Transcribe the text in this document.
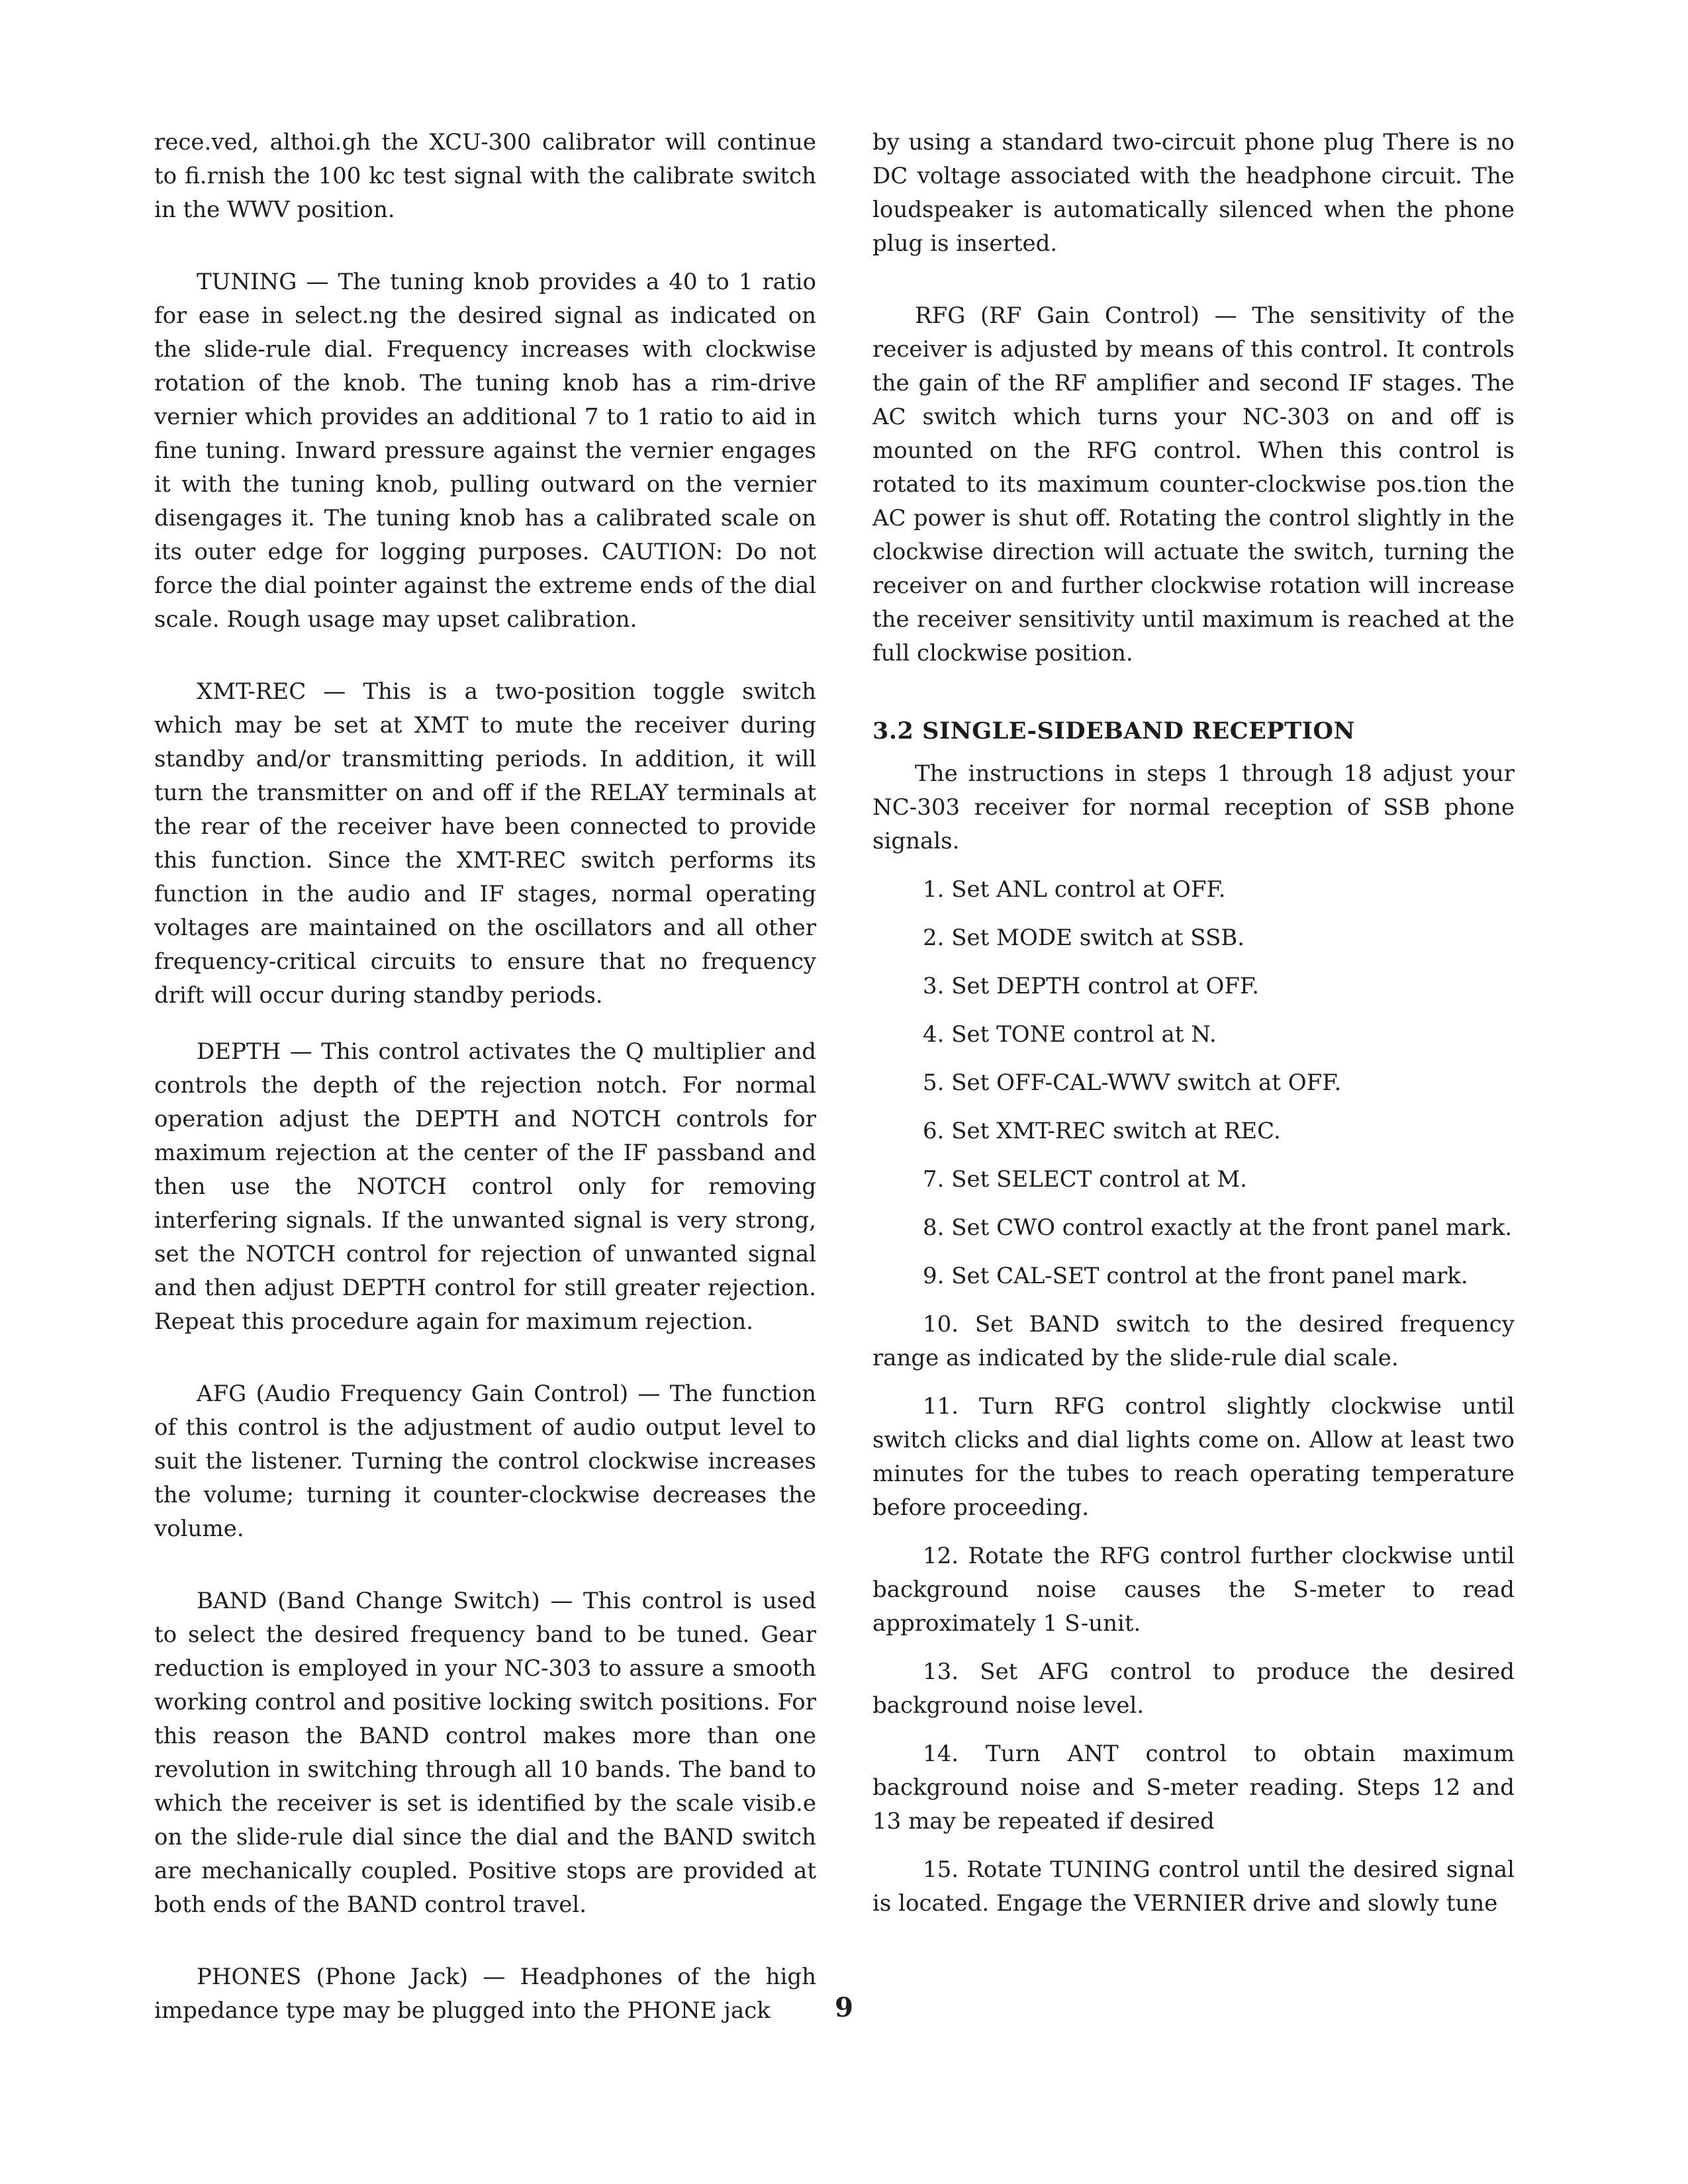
rece.ved, althoi.gh the XCU-300 calibrator will continue to fi.rnish the 100 kc test signal with the calibrate switch in the WWV position.

TUNING — The tuning knob provides a 40 to 1 ratio for ease in select.ng the desired signal as indicated on the slide-rule dial. Frequency increases with clockwise rotation of the knob. The tuning knob has a rim-drive vernier which provides an additional 7 to 1 ratio to aid in fine tuning. Inward pressure against the vernier engages it with the tuning knob, pulling outward on the vernier disengages it. The tuning knob has a calibrated scale on its outer edge for logging purposes. CAUTION: Do not force the dial pointer against the extreme ends of the dial scale. Rough usage may upset calibration.

XMT-REC — This is a two-position toggle switch which may be set at XMT to mute the receiver during standby and/or transmitting periods. In addition, it will turn the transmitter on and off if the RELAY terminals at the rear of the receiver have been connected to provide this function. Since the XMT-REC switch performs its function in the audio and IF stages, normal operating voltages are maintained on the oscillators and all other frequency-critical circuits to ensure that no frequency drift will occur during standby periods.

DEPTH — This control activates the Q multiplier and controls the depth of the rejection notch. For normal operation adjust the DEPTH and NOTCH controls for maximum rejection at the center of the IF passband and then use the NOTCH control only for removing interfering signals. If the unwanted signal is very strong, set the NOTCH control for rejection of unwanted signal and then adjust DEPTH control for still greater rejection. Repeat this procedure again for maximum rejection.

AFG (Audio Frequency Gain Control) — The function of this control is the adjustment of audio output level to suit the listener. Turning the control clockwise increases the volume; turning it counter-clockwise decreases the volume.

BAND (Band Change Switch) — This control is used to select the desired frequency band to be tuned. Gear reduction is employed in your NC-303 to assure a smooth working control and positive locking switch positions. For this reason the BAND control makes more than one revolution in switching through all 10 bands. The band to which the receiver is set is identified by the scale visib.e on the slide-rule dial since the dial and the BAND switch are mechanically coupled. Positive stops are provided at both ends of the BAND control travel.

PHONES (Phone Jack) — Headphones of the high impedance type may be plugged into the PHONE jack

by using a standard two-circuit phone plug There is no DC voltage associated with the headphone circuit. The loudspeaker is automatically silenced when the phone plug is inserted.

RFG (RF Gain Control) — The sensitivity of the receiver is adjusted by means of this control. It controls the gain of the RF amplifier and second IF stages. The AC switch which turns your NC-303 on and off is mounted on the RFG control. When this control is rotated to its maximum counter-clockwise pos.tion the AC power is shut off. Rotating the control slightly in the clockwise direction will actuate the switch, turning the receiver on and further clockwise rotation will increase the receiver sensitivity until maximum is reached at the full clockwise position.

3.2 SINGLE-SIDEBAND RECEPTION

The instructions in steps 1 through 18 adjust your NC-303 receiver for normal reception of SSB phone signals.

1. Set ANL control at OFF.

2. Set MODE switch at SSB.

3. Set DEPTH control at OFF.

4. Set TONE control at N.

5. Set OFF-CAL-WWV switch at OFF.

6. Set XMT-REC switch at REC.

7. Set SELECT control at M.

8. Set CWO control exactly at the front panel mark.

9. Set CAL-SET control at the front panel mark.

10. Set BAND switch to the desired frequency range as indicated by the slide-rule dial scale.

11. Turn RFG control slightly clockwise until switch clicks and dial lights come on. Allow at least two minutes for the tubes to reach operating temperature before proceeding.

12. Rotate the RFG control further clockwise until background noise causes the S-meter to read approximately 1 S-unit.

13. Set AFG control to produce the desired background noise level.

14. Turn ANT control to obtain maximum background noise and S-meter reading. Steps 12 and 13 may be repeated if desired

15. Rotate TUNING control until the desired signal is located. Engage the VERNIER drive and slowly tune

9
